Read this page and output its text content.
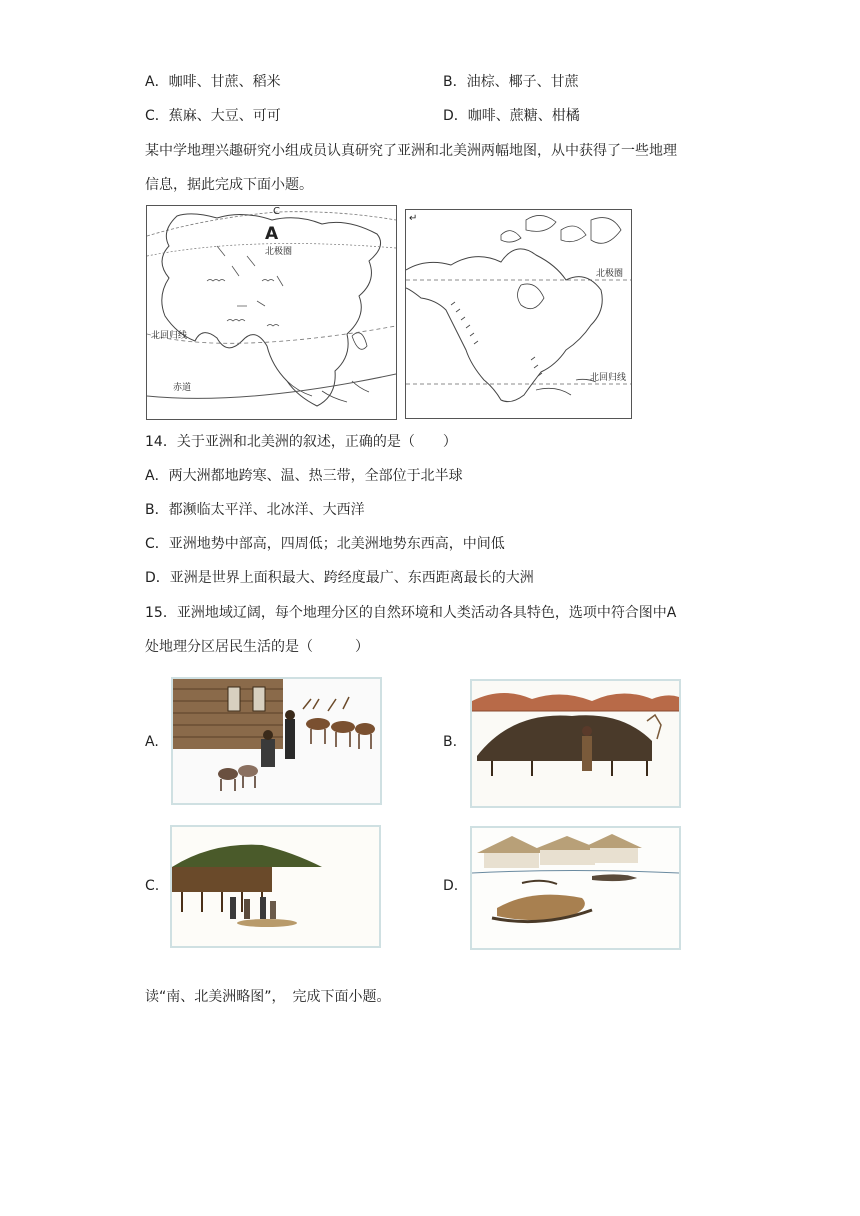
A．咖啡、甘蔗、稻米	B．油棕、椰子、甘蔗
C．蕉麻、大豆、可可	D．咖啡、蔗糖、柑橘
某中学地理兴趣研究小组成员认真研究了亚洲和北美洲两幅地图，从中获得了一些地理
信息，据此完成下面小题。
A
C
北极圈
北回归线
赤道
↵
北极圈
北回归线
14．关于亚洲和北美洲的叙述，正确的是（　　）
A．两大洲都地跨寒、温、热三带，全部位于北半球
B．都濒临太平洋、北冰洋、大西洋
C．亚洲地势中部高，四周低；北美洲地势东西高，中间低
D．亚洲是世界上面积最大、跨经度最广、东西距离最长的大洲
15．亚洲地域辽阔，每个地理分区的自然环境和人类活动各具特色，选项中符合图中A
处地理分区居民生活的是（　　　）
A.	B.
C.	D.
读“南、北美洲略图”，　完成下面小题。
